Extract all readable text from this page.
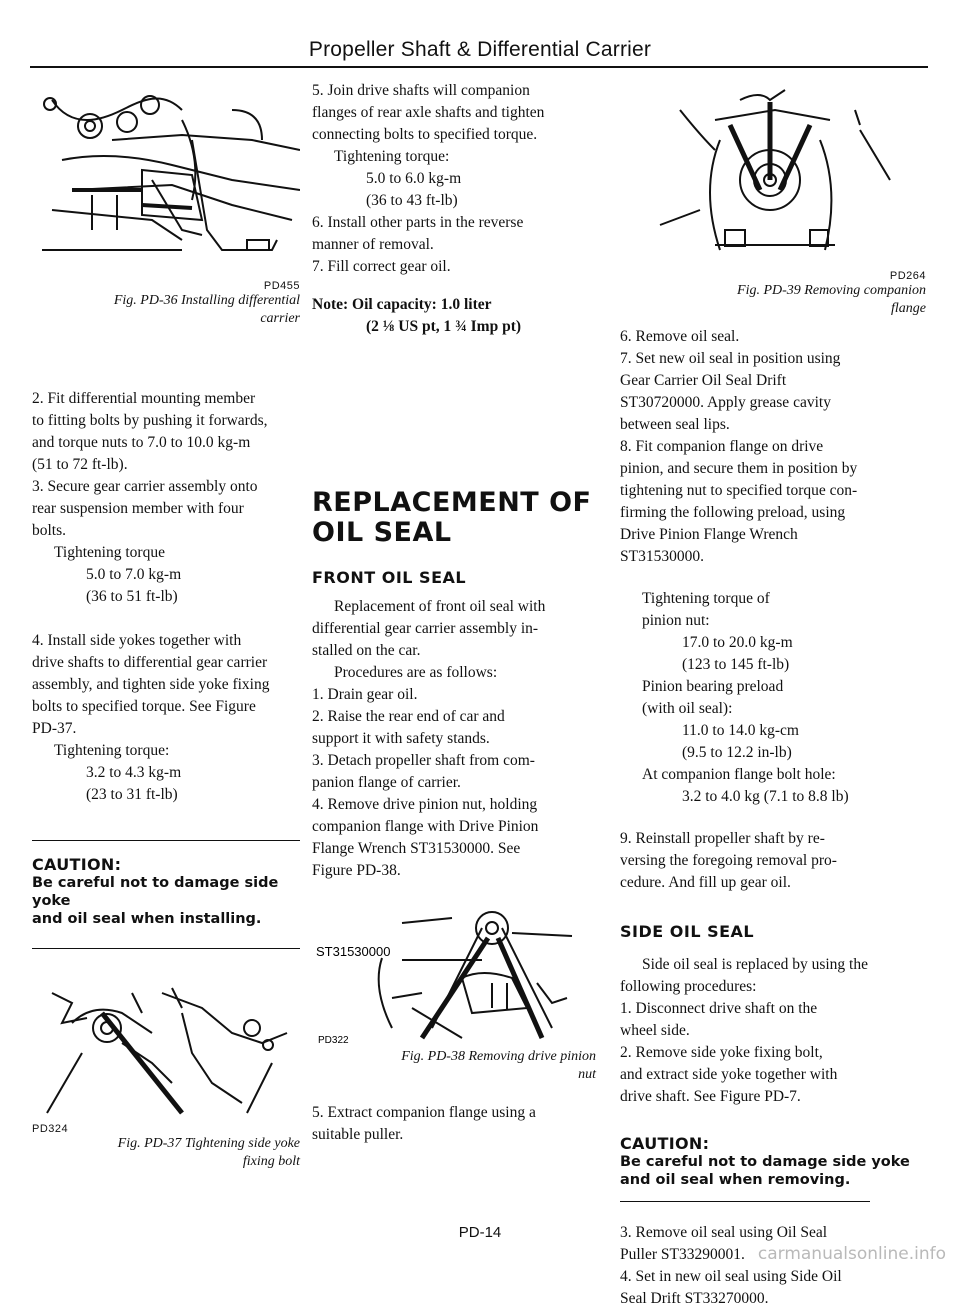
Propeller Shaft & Differential Carrier
PD455
Fig. PD-36 Installing differential
carrier

2. Fit differential mounting member

to fitting bolts by pushing it forwards,

and torque nuts to 7.0 to 10.0 kg-m

(51 to 72 ft-lb).

3. Secure gear carrier assembly onto

rear suspension member with four

bolts.

Tightening torque

5.0 to 7.0 kg-m

(36 to 51 ft-lb)

4. Install side yokes together with

drive shafts to differential gear carrier

assembly, and tighten side yoke fixing

bolts to specified torque. See Figure

PD-37.

Tightening torque:

3.2 to 4.3 kg-m

(23 to 31 ft-lb)

CAUTION:

Be careful not to damage side yoke

and oil seal when installing.

PD324
Fig. PD-37 Tightening side yoke
fixing bolt

5. Join drive shafts will companion

flanges of rear axle shafts and tighten

connecting bolts to specified torque.

Tightening torque:

5.0 to 6.0 kg-m

(36 to 43 ft-lb)

6. Install other parts in the reverse

manner of removal.

7. Fill correct gear oil.

Note: Oil capacity: 1.0 liter

(2 ⅛ US pt, 1 ¾ Imp pt)

REPLACEMENT OF
OIL SEAL
FRONT OIL SEAL

Replacement of front oil seal with

differential gear carrier assembly in-

stalled on the car.

Procedures are as follows:

1. Drain gear oil.

2. Raise the rear end of car and

support it with safety stands.

3. Detach propeller shaft from com-

panion flange of carrier.

4. Remove drive pinion nut, holding

companion flange with Drive Pinion

Flange Wrench ST31530000. See

Figure PD-38.

ST31530000
PD322
Fig. PD-38 Removing drive pinion
nut

5. Extract companion flange using a

suitable puller.

PD264
Fig. PD-39 Removing companion
flange

6. Remove oil seal.

7. Set new oil seal in position using

Gear Carrier Oil Seal Drift

ST30720000. Apply grease cavity

between seal lips.

8. Fit companion flange on drive

pinion, and secure them in position by

tightening nut to specified torque con-

firming the following preload, using

Drive Pinion Flange Wrench

ST31530000.

Tightening torque of

pinion nut:

17.0 to 20.0 kg-m

(123 to 145 ft-lb)

Pinion bearing preload

(with oil seal):

11.0 to 14.0 kg-cm

(9.5 to 12.2 in-lb)

At companion flange bolt hole:

3.2 to 4.0 kg (7.1 to 8.8 lb)

9. Reinstall propeller shaft by re-

versing the foregoing removal pro-

cedure. And fill up gear oil.

SIDE OIL SEAL

Side oil seal is replaced by using the

following procedures:

1. Disconnect drive shaft on the

wheel side.

2. Remove side yoke fixing bolt,

and extract side yoke together with

drive shaft. See Figure PD-7.

CAUTION:

Be careful not to damage side yoke

and oil seal when removing.

3. Remove oil seal using Oil Seal

Puller ST33290001.

4. Set in new oil seal using Side Oil

Seal Drift ST33270000.

PD-14
carmanualsonline.info
